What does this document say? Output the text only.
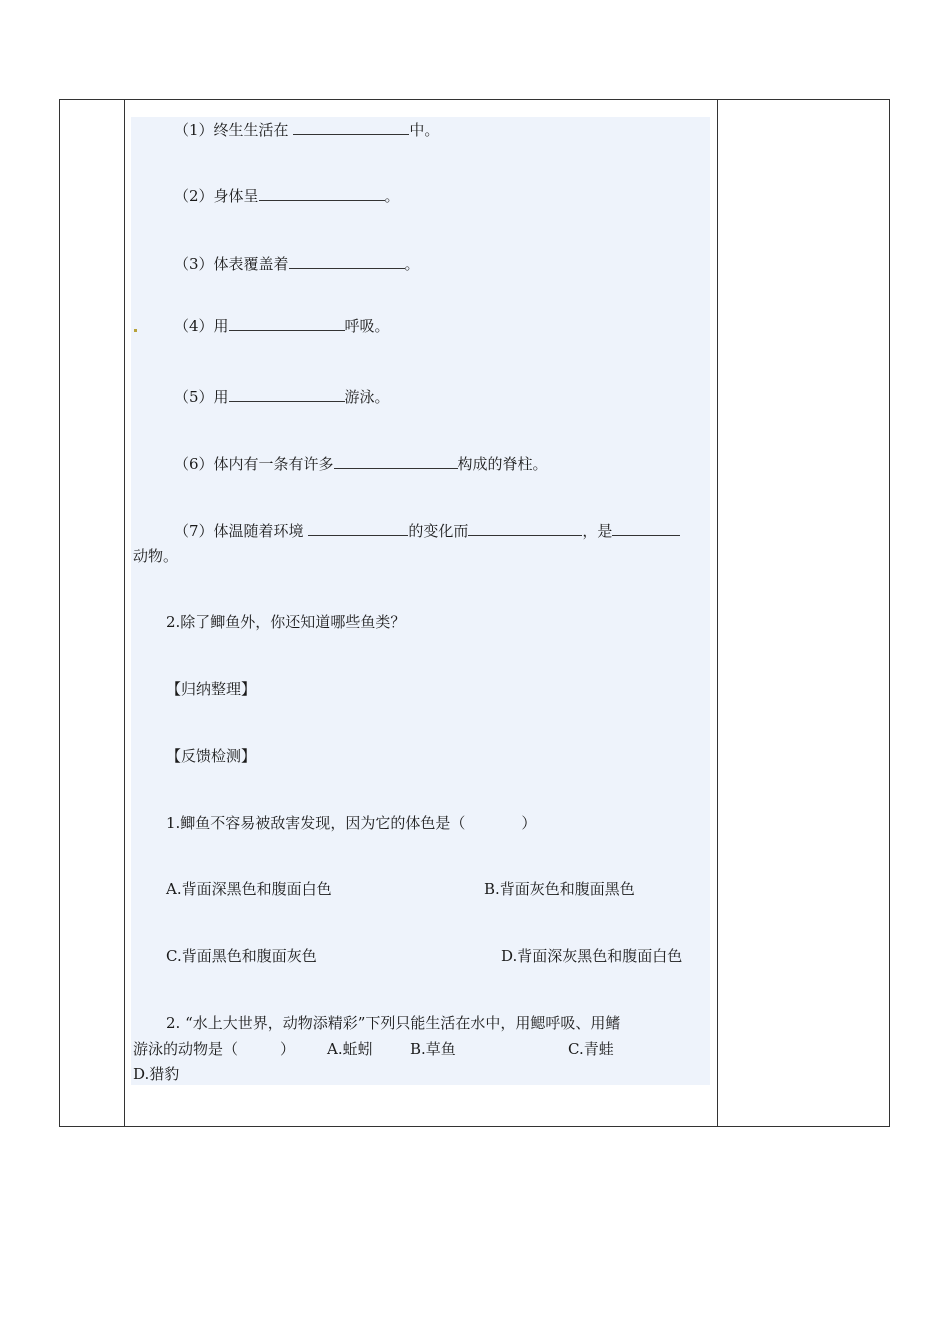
（1）终生生活在	中。
（2）身体呈	。
（3）体表覆盖着	。
（4）用	呼吸。
（5）用	游泳。
（6）体内有一条有许多	构成的脊柱。
（7）体温随着环境	的变化而	，是
动物。
2.除了鲫鱼外，你还知道哪些鱼类？
【归纳整理】
【反馈检测】
1.鲫鱼不容易被敌害发现，因为它的体色是（	）
A.背面深黑色和腹面白色	B.背面灰色和腹面黑色
C.背面黑色和腹面灰色	D.背面深灰黑色和腹面白色
2. “水上大世界，动物添精彩”下列只能生活在水中，用鳃呼吸、用鳍
游泳的动物是（	） A.蚯蚓 B.草鱼	C.青蛙
D.猎豹
